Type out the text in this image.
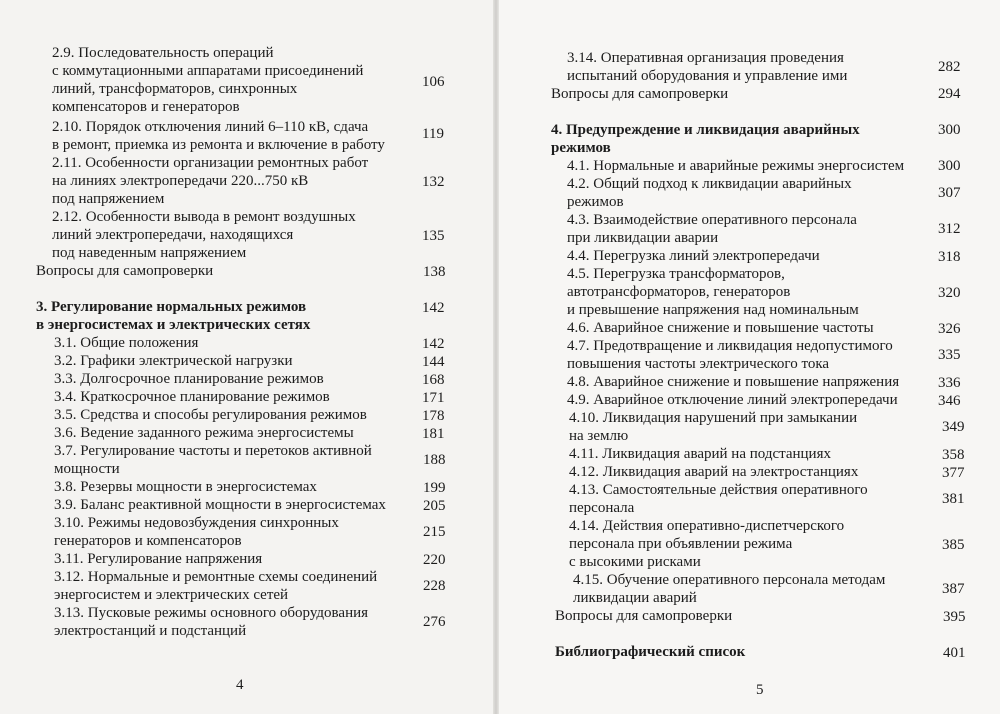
4	5
2.9. Последовательность операций
с коммутационными аппаратами присоединений
линий, трансформаторов, синхронных
компенсаторов и генераторов
106
2.10. Порядок отключения линий 6–110 кВ, сдача
в ремонт, приемка из ремонта и включение в работу
119
2.11. Особенности организации ремонтных работ
на линиях электропередачи 220...750 кВ
под напряжением
132
2.12. Особенности вывода в ремонт воздушных
линий электропередачи, находящихся
под наведенным напряжением
135
Вопросы для самопроверки	138
3. Регулирование нормальных режимов
в энергосистемах и электрических сетях
142
3.1. Общие положения	142
3.2. Графики электрической нагрузки	144
3.3. Долгосрочное планирование режимов	168
3.4. Краткосрочное планирование режимов	171
3.5. Средства и способы регулирования режимов	178
3.6. Ведение заданного режима энергосистемы	181
3.7. Регулирование частоты и перетоков активной
мощности
188
3.8. Резервы мощности в энергосистемах	199
3.9. Баланс реактивной мощности в энергосистемах 205
3.10. Режимы недовозбуждения синхронных
генераторов и компенсаторов
215
3.11. Регулирование напряжения	220
3.12. Нормальные и ремонтные схемы соединений
энергосистем и электрических сетей
228
3.13. Пусковые режимы основного оборудования
электростанций и подстанций
276
3.14. Оперативная организация проведения
испытаний оборудования и управление ими
282
Вопросы для самопроверки	294
4. Предупреждение и ликвидация аварийных
режимов
300
4.1. Нормальные и аварийные режимы энергосистем 300
4.2. Общий подход к ликвидации аварийных
режимов
307
4.3. Взаимодействие оперативного персонала
при ликвидации аварии
312
4.4. Перегрузка линий электропередачи	318
4.5. Перегрузка трансформаторов,
автотрансформаторов, генераторов
и превышение напряжения над номинальным
320
4.6. Аварийное снижение и повышение частоты	326
4.7. Предотвращение и ликвидация недопустимого
повышения частоты электрического тока
335
4.8. Аварийное снижение и повышение напряжения	336
4.9. Аварийное отключение линий электропередачи	346
4.10. Ликвидация нарушений при замыкании
на землю
349
4.11. Ликвидация аварий на подстанциях	358
4.12. Ликвидация аварий на электростанциях	377
4.13. Самостоятельные действия оперативного
персонала
381
4.14. Действия оперативно-диспетчерского
персонала при объявлении режима
с высокими рисками
385
4.15. Обучение оперативного персонала методам
ликвидации аварий
387
Вопросы для самопроверки	395
Библиографический список	401
